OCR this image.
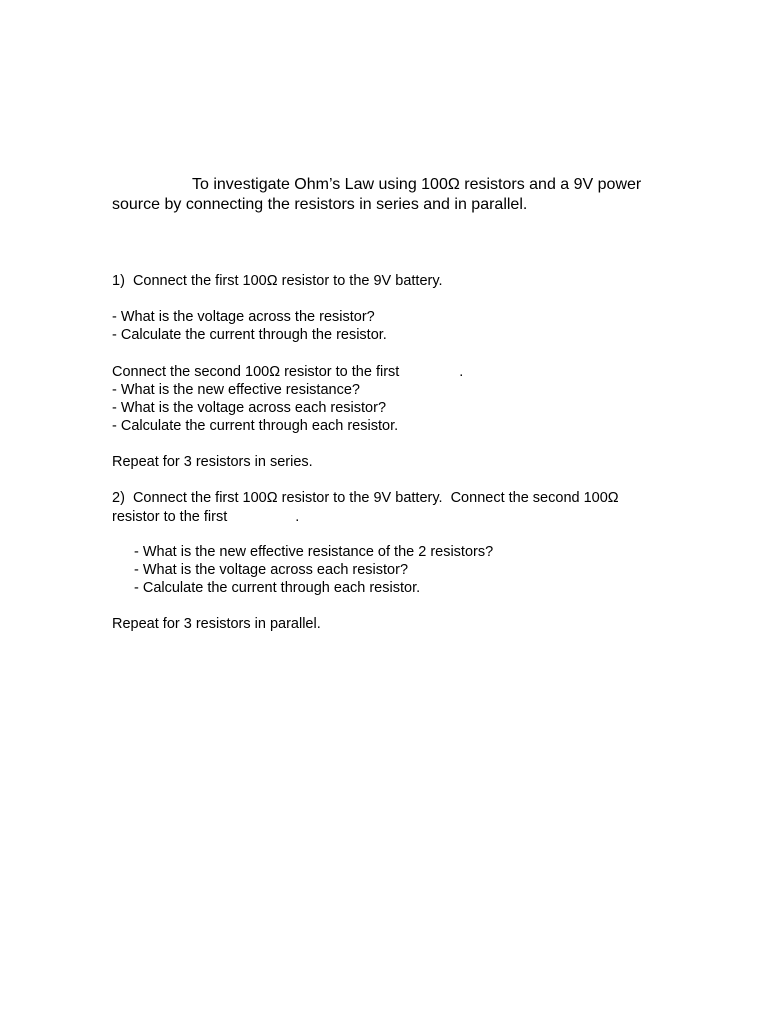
To investigate Ohm’s Law using 100Ω resistors and a 9V power source by connecting the resistors in series and in parallel.
1)  Connect the first 100Ω resistor to the 9V battery.
- What is the voltage across the resistor?
- Calculate the current through the resistor.
Connect the second 100Ω resistor to the first	.
- What is the new effective resistance?
- What is the voltage across each resistor?
- Calculate the current through each resistor.
Repeat for 3 resistors in series.
2)  Connect the first 100Ω resistor to the 9V battery.  Connect the second 100Ω
resistor to the first	.
- What is the new effective resistance of the 2 resistors?
- What is the voltage across each resistor?
- Calculate the current through each resistor.
Repeat for 3 resistors in parallel.
